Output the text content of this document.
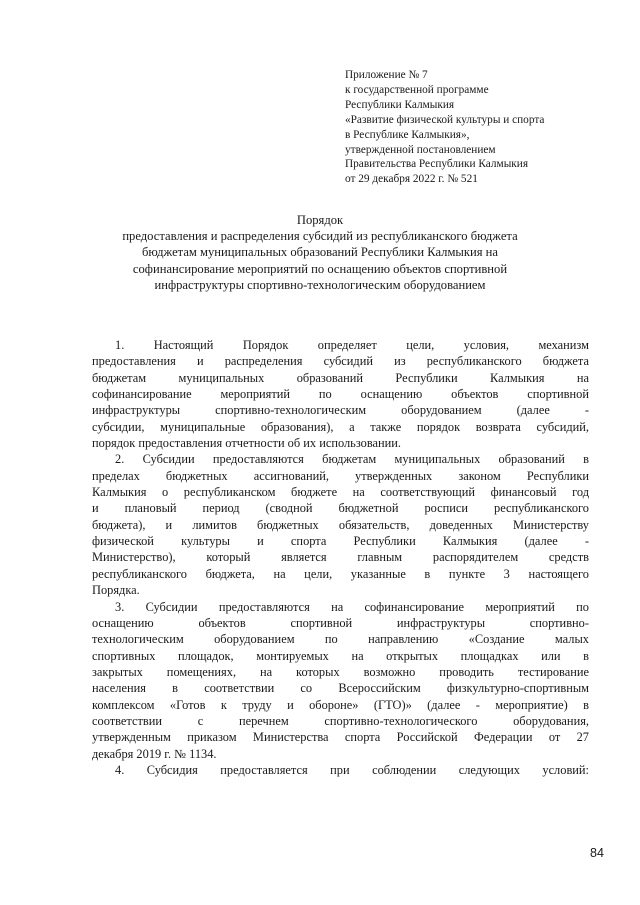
Приложение № 7
к государственной программе
Республики Калмыкия
«Развитие физической культуры и спорта
в Республике Калмыкия»,
утвержденной постановлением
Правительства Республики Калмыкия
от 29 декабря 2022 г. № 521
Порядок
предоставления и распределения субсидий из республиканского бюджета
бюджетам муниципальных образований Республики Калмыкия на
софинансирование мероприятий по оснащению объектов спортивной
инфраструктуры спортивно-технологическим оборудованием
1. Настоящий Порядок определяет цели, условия, механизм
предоставления и распределения субсидий из республиканского бюджета
бюджетам муниципальных образований Республики Калмыкия на
софинансирование мероприятий по оснащению объектов спортивной
инфраструктуры спортивно-технологическим оборудованием (далее -
субсидии, муниципальные образования), а также порядок возврата субсидий,
порядок предоставления отчетности об их использовании.
2. Субсидии предоставляются бюджетам муниципальных образований в
пределах бюджетных ассигнований, утвержденных законом Республики
Калмыкия о республиканском бюджете на соответствующий финансовый год
и плановый период (сводной бюджетной росписи республиканского
бюджета), и лимитов бюджетных обязательств, доведенных Министерству
физической культуры и спорта Республики Калмыкия (далее -
Министерство), который является главным распорядителем средств
республиканского бюджета, на цели, указанные в пункте 3 настоящего
Порядка.
3. Субсидии предоставляются на софинансирование мероприятий по
оснащению объектов спортивной инфраструктуры спортивно-
технологическим оборудованием по направлению «Создание малых
спортивных площадок, монтируемых на открытых площадках или в
закрытых помещениях, на которых возможно проводить тестирование
населения в соответствии со Всероссийским физкультурно-спортивным
комплексом «Готов к труду и обороне» (ГТО)» (далее - мероприятие) в
соответствии с перечнем спортивно-технологического оборудования,
утвержденным приказом Министерства спорта Российской Федерации от 27
декабря 2019 г. № 1134.
4. Субсидия предоставляется при соблюдении следующих условий:
84
